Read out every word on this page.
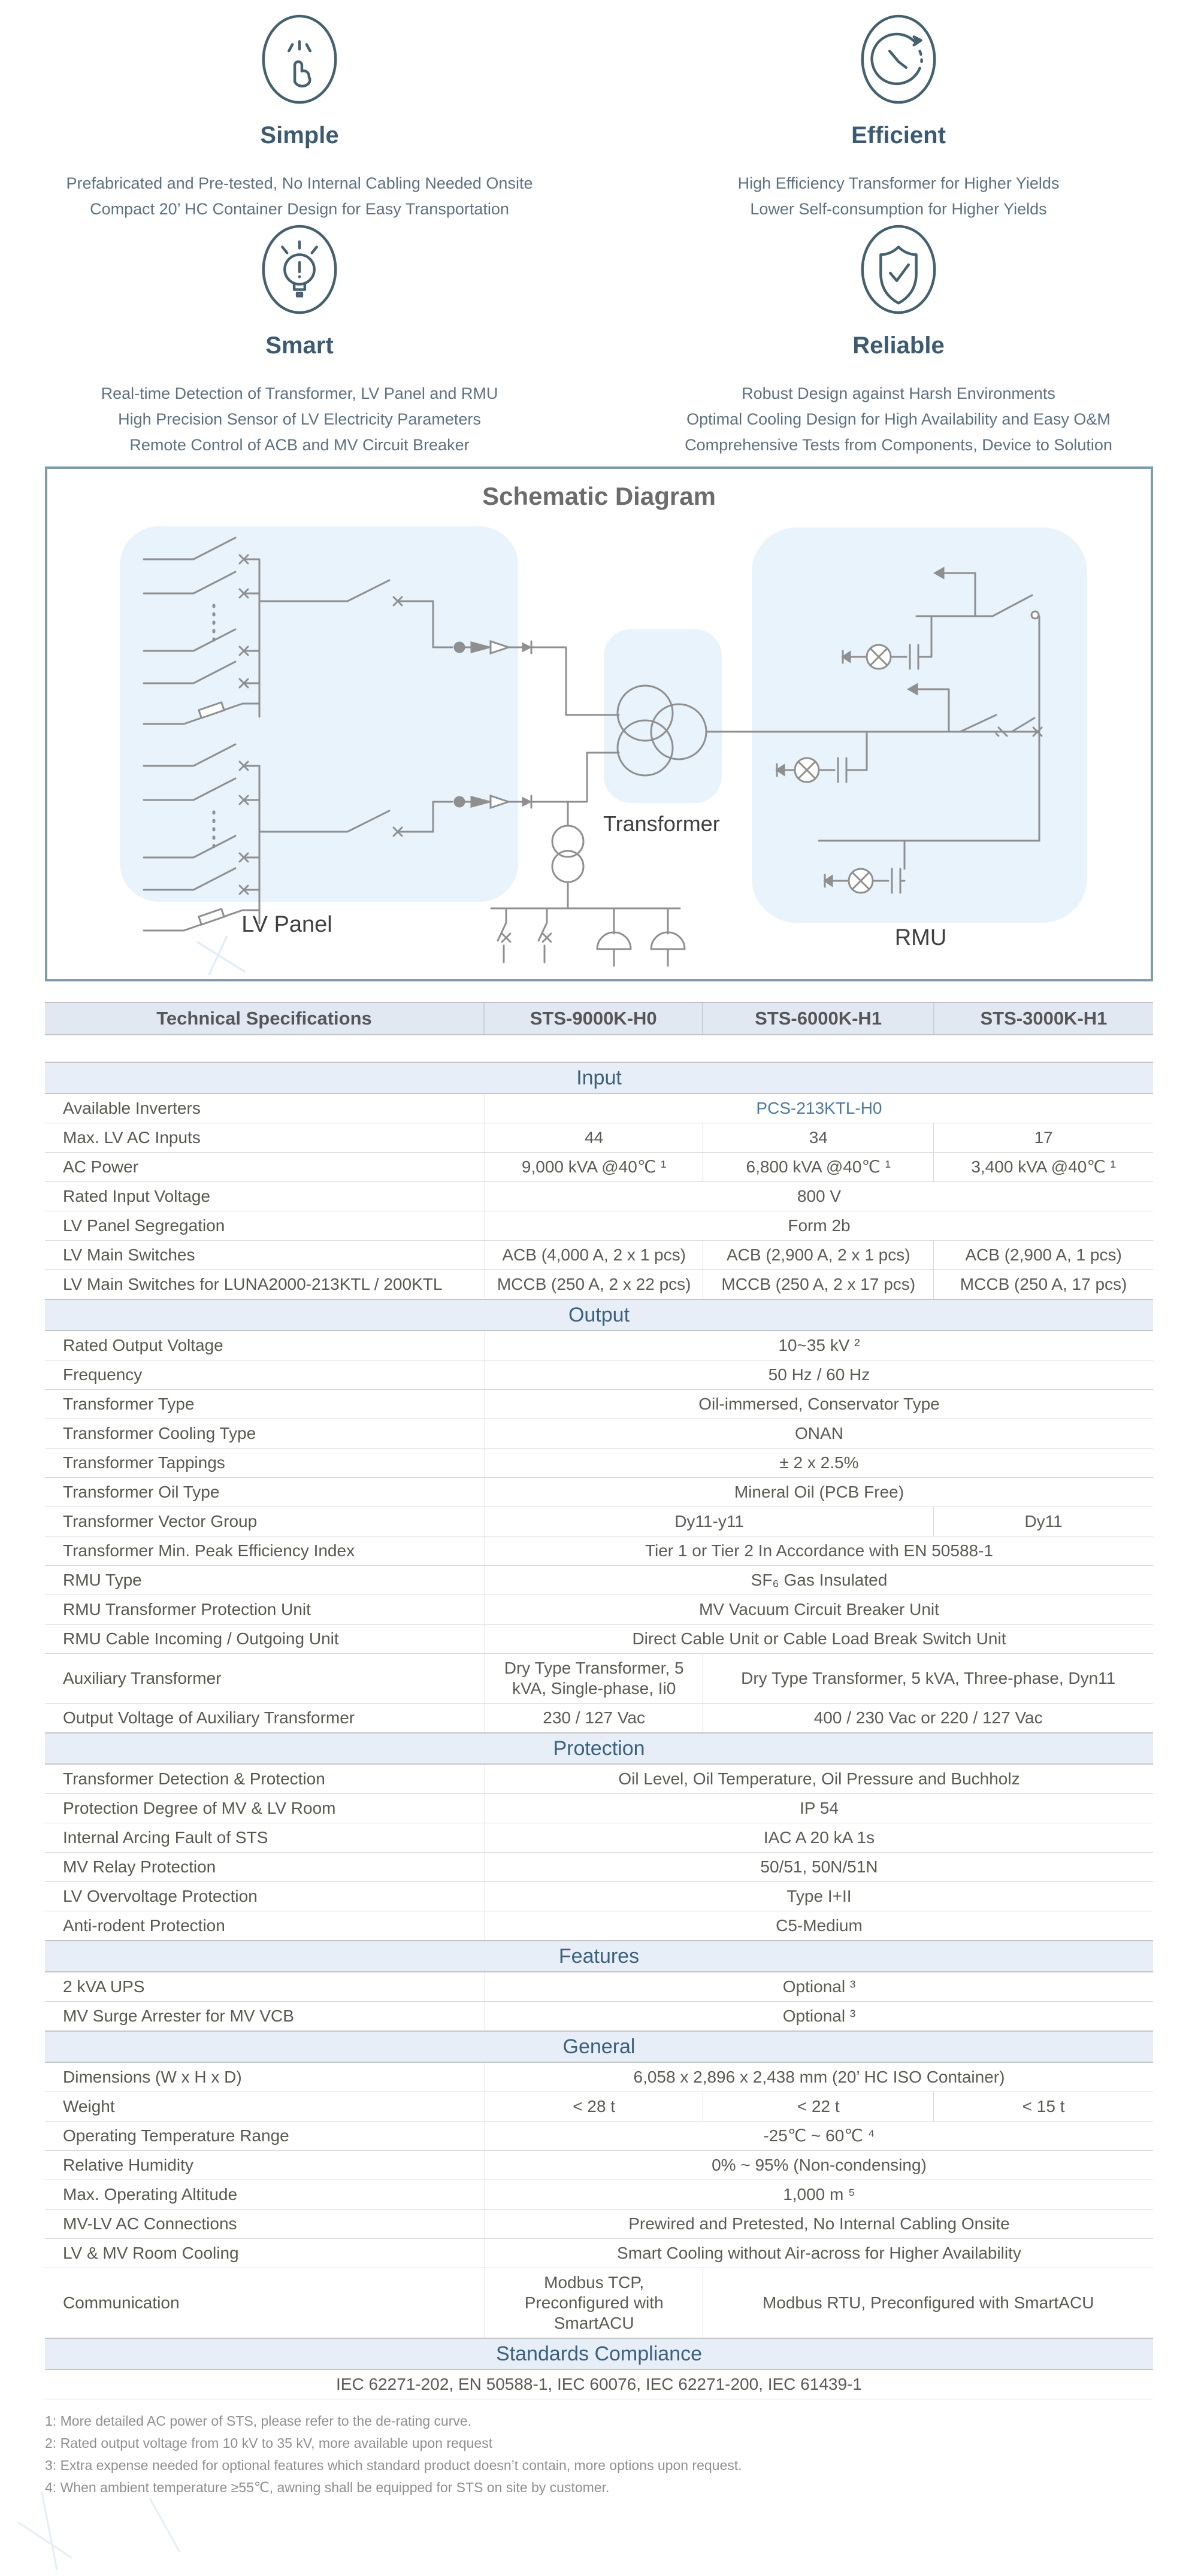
Simple
Prefabricated and Pre-tested, No Internal Cabling Needed Onsite
Compact 20’ HC Container Design for Easy Transportation
Efficient
High Efficiency Transformer for Higher Yields
Lower Self-consumption for Higher Yields
Smart
Real-time Detection of Transformer, LV Panel and RMU
High Precision Sensor of LV Electricity Parameters
Remote Control of ACB and MV Circuit Breaker
Reliable
Robust Design against Harsh Environments
Optimal Cooling Design for High Availability and Easy O&M
Comprehensive Tests from Components, Device to Solution
Schematic Diagram
LV Panel
Transformer
RMU
Technical Specifications	STS-9000K-H0	STS-6000K-H1	STS-3000K-H1
Input			
Available Inverters	PCS-213KTL-H0		
Max. LV AC Inputs	44	34	17
AC Power	9,000 kVA @40℃ ¹	6,800 kVA @40℃ ¹	3,400 kVA @40℃ ¹
Rated Input Voltage	800 V		
LV Panel Segregation	Form 2b		
LV Main Switches	ACB (4,000 A, 2 x 1 pcs)	ACB (2,900 A, 2 x 1 pcs)	ACB (2,900 A, 1 pcs)
LV Main Switches for LUNA2000-213KTL / 200KTL	MCCB (250 A, 2 x 22 pcs)	MCCB (250 A, 2 x 17 pcs)	MCCB (250 A, 17 pcs)
Output			
Rated Output Voltage	10~35 kV ²		
Frequency	50 Hz / 60 Hz		
Transformer Type	Oil-immersed, Conservator Type		
Transformer Cooling Type	ONAN		
Transformer Tappings	± 2 x 2.5%		
Transformer Oil Type	Mineral Oil (PCB Free)		
Transformer Vector Group	Dy11-y11		Dy11
Transformer Min. Peak Efficiency Index	Tier 1 or Tier 2 In Accordance with EN 50588-1		
RMU Type	SF₆ Gas Insulated		
RMU Transformer Protection Unit	MV Vacuum Circuit Breaker Unit		
RMU Cable Incoming / Outgoing Unit	Direct Cable Unit or Cable Load Break Switch Unit		
Auxiliary Transformer	Dry Type Transformer, 5 kVA, Single-phase, Ii0	Dry Type Transformer, 5 kVA, Three-phase, Dyn11	
Output Voltage of Auxiliary Transformer	230 / 127 Vac	400 / 230 Vac or 220 / 127 Vac	
Protection			
Transformer Detection & Protection	Oil Level, Oil Temperature, Oil Pressure and Buchholz		
Protection Degree of MV & LV Room	IP 54		
Internal Arcing Fault of STS	IAC A 20 kA 1s		
MV Relay Protection	50/51, 50N/51N		
LV Overvoltage Protection	Type I+II		
Anti-rodent Protection	C5-Medium		
Features			
2 kVA UPS	Optional ³		
MV Surge Arrester for MV VCB	Optional ³		
General			
Dimensions (W x H x D)	6,058 x 2,896 x 2,438 mm (20’ HC ISO Container)		
Weight	< 28 t	< 22 t	< 15 t
Operating Temperature Range	-25℃ ~ 60℃ ⁴		
Relative Humidity	0% ~ 95% (Non-condensing)		
Max. Operating Altitude	1,000 m ⁵		
MV-LV AC Connections	Prewired and Pretested, No Internal Cabling Onsite		
LV & MV Room Cooling	Smart Cooling without Air-across for Higher Availability		
Communication	Modbus TCP, Preconfigured with SmartACU	Modbus RTU, Preconfigured with SmartACU	
Standards Compliance			
IEC 62271-202, EN 50588-1, IEC 60076, IEC 62271-200, IEC 61439-1			
1: More detailed AC power of STS, please refer to the de-rating curve.
2: Rated output voltage from 10 kV to 35 kV, more available upon request
3: Extra expense needed for optional features which standard product doesn’t contain, more options upon request.
4: When ambient temperature ≥55℃, awning shall be equipped for STS on site by customer.
